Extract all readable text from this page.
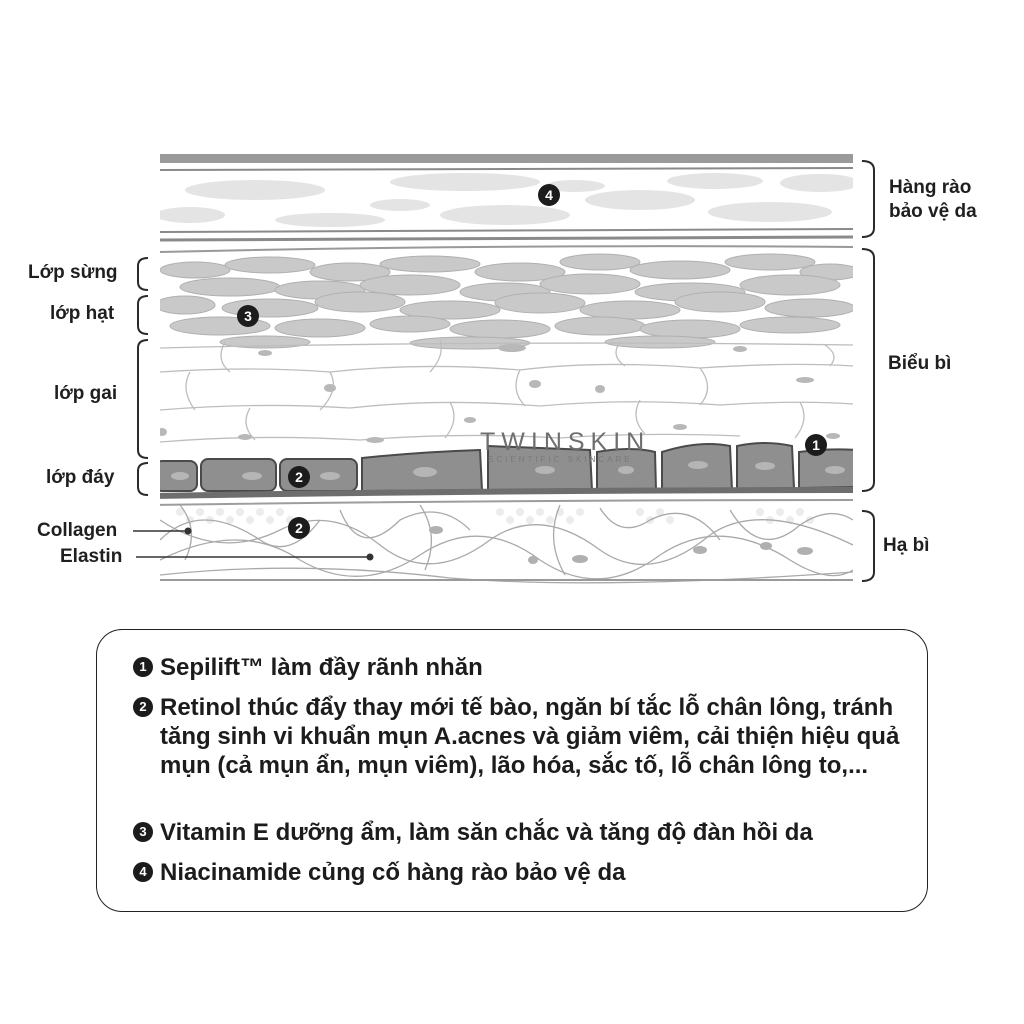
4
3
1
2
2
TWINSKIN
SCIENTIFIC SKINCARE
Lớp sừng
lớp hạt
lớp gai
lớp đáy
Collagen
Elastin
Hàng rào
bảo vệ da
Biểu bì
Hạ bì
1 Sepilift™ làm đầy rãnh nhăn
2 Retinol thúc đẩy thay mới tế bào, ngăn bí tắc lỗ chân lông, tránh tăng sinh vi khuẩn mụn A.acnes và giảm viêm, cải thiện hiệu quả mụn (cả mụn ẩn, mụn viêm), lão hóa, sắc tố, lỗ chân lông to,...
3 Vitamin E dưỡng ẩm, làm săn chắc và tăng độ đàn hồi da
4 Niacinamide củng cố hàng rào bảo vệ da
